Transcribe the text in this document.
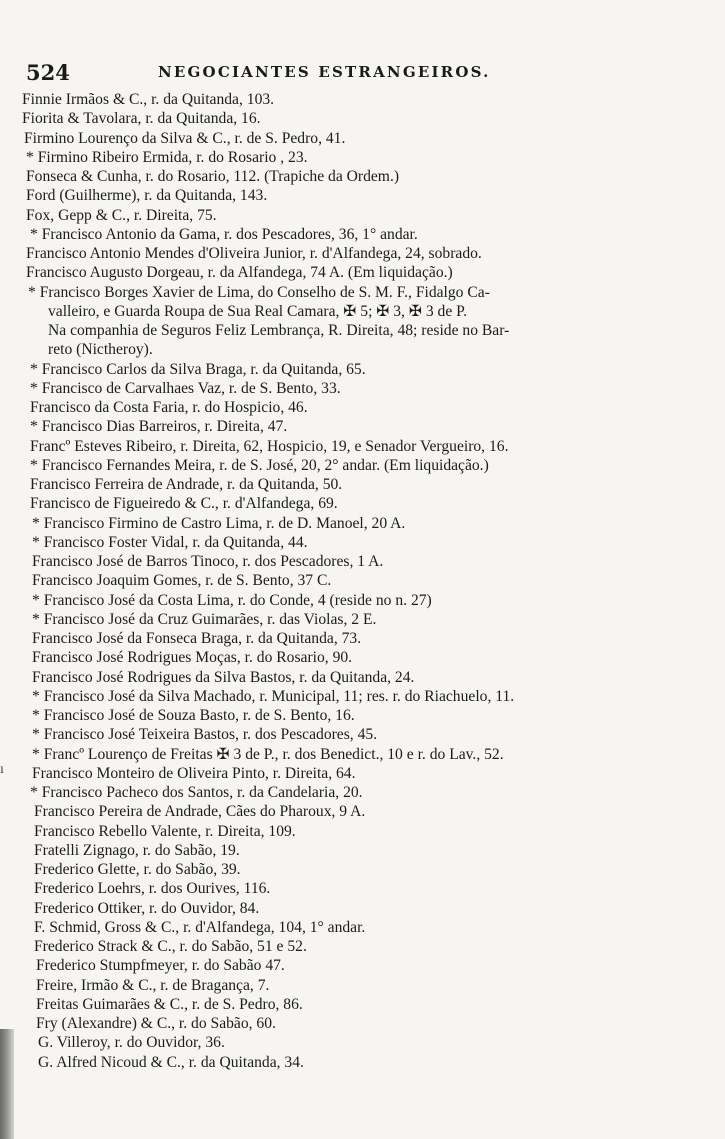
524	NEGOCIANTES ESTRANGEIROS.
Finnie Irmãos & C., r. da Quitanda, 103.
Fiorita & Tavolara, r. da Quitanda, 16.
Firmino Lourenço da Silva & C., r. de S. Pedro, 41.
* Firmino Ribeiro Ermida, r. do Rosario , 23.
Fonseca & Cunha, r. do Rosario, 112. (Trapiche da Ordem.)
Ford (Guilherme), r. da Quitanda, 143.
Fox, Gepp & C., r. Direita, 75.
* Francisco Antonio da Gama, r. dos Pescadores, 36, 1° andar.
Francisco Antonio Mendes d'Oliveira Junior, r. d'Alfandega, 24, sobrado.
Francisco Augusto Dorgeau, r. da Alfandega, 74 A. (Em liquidação.)
* Francisco Borges Xavier de Lima, do Conselho de S. M. F., Fidalgo Ca-
valleiro, e Guarda Roupa de Sua Real Camara, ✠ 5; ✠ 3, ✠ 3 de P.
Na companhia de Seguros Feliz Lembrança, R. Direita, 48; reside no Bar-
reto (Nictheroy).
* Francisco Carlos da Silva Braga, r. da Quitanda, 65.
* Francisco de Carvalhaes Vaz, r. de S. Bento, 33.
Francisco da Costa Faria, r. do Hospicio, 46.
* Francisco Dias Barreiros, r. Direita, 47.
Francº Esteves Ribeiro, r. Direita, 62, Hospicio, 19, e Senador Vergueiro, 16.
* Francisco Fernandes Meira, r. de S. José, 20, 2° andar. (Em liquidação.)
Francisco Ferreira de Andrade, r. da Quitanda, 50.
Francisco de Figueiredo & C., r. d'Alfandega, 69.
* Francisco Firmino de Castro Lima, r. de D. Manoel, 20 A.
* Francisco Foster Vidal, r. da Quitanda, 44.
Francisco José de Barros Tinoco, r. dos Pescadores, 1 A.
Francisco Joaquim Gomes, r. de S. Bento, 37 C.
* Francisco José da Costa Lima, r. do Conde, 4 (reside no n. 27)
* Francisco José da Cruz Guimarães, r. das Violas, 2 E.
Francisco José da Fonseca Braga, r. da Quitanda, 73.
Francisco José Rodrigues Moças, r. do Rosario, 90.
Francisco José Rodrigues da Silva Bastos, r. da Quitanda, 24.
* Francisco José da Silva Machado, r. Municipal, 11; res. r. do Riachuelo, 11.
* Francisco José de Souza Basto, r. de S. Bento, 16.
* Francisco José Teixeira Bastos, r. dos Pescadores, 45.
* Francº Lourenço de Freitas ✠ 3 de P., r. dos Benedict., 10 e r. do Lav., 52.
Francisco Monteiro de Oliveira Pinto, r. Direita, 64.
* Francisco Pacheco dos Santos, r. da Candelaria, 20.
Francisco Pereira de Andrade, Cães do Pharoux, 9 A.
Francisco Rebello Valente, r. Direita, 109.
Fratelli Zignago, r. do Sabão, 19.
Frederico Glette, r. do Sabão, 39.
Frederico Loehrs, r. dos Ourives, 116.
Frederico Ottiker, r. do Ouvidor, 84.
F. Schmid, Gross & C., r. d'Alfandega, 104, 1° andar.
Frederico Strack & C., r. do Sabão, 51 e 52.
Frederico Stumpfmeyer, r. do Sabão 47.
Freire, Irmão & C., r. de Bragança, 7.
Freitas Guimarães & C., r. de S. Pedro, 86.
Fry (Alexandre) & C., r. do Sabão, 60.
G. Villeroy, r. do Ouvidor, 36.
G. Alfred Nicoud & C., r. da Quitanda, 34.
ı
